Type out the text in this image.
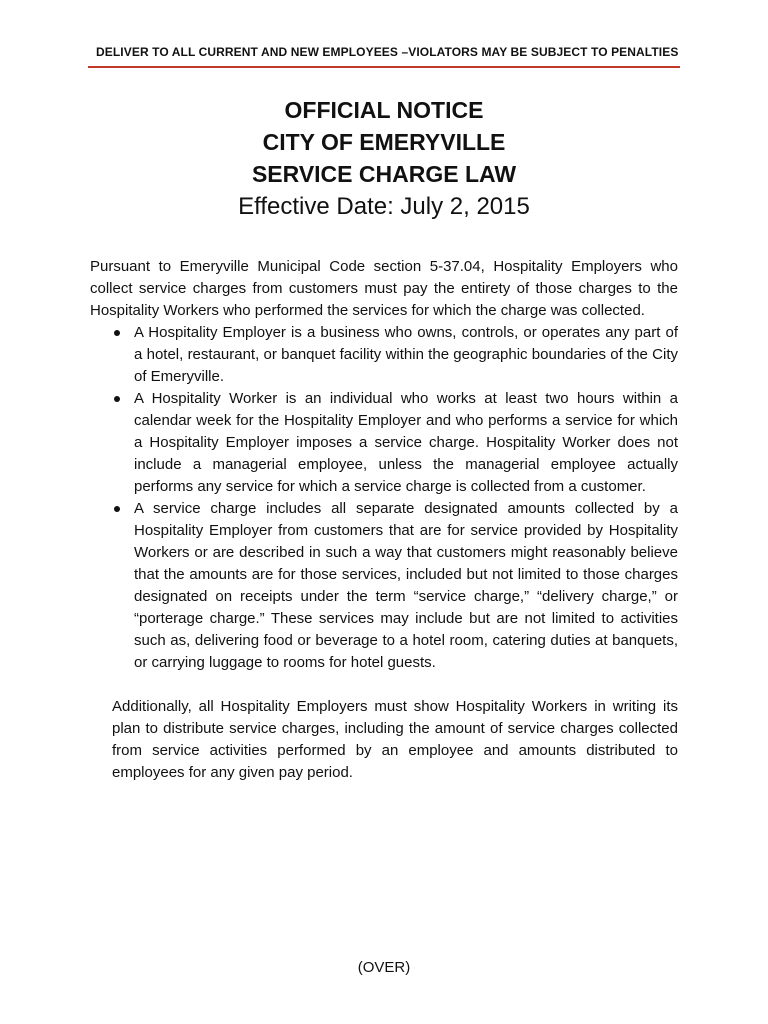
DELIVER TO ALL CURRENT AND NEW EMPLOYEES –VIOLATORS MAY BE SUBJECT TO PENALTIES
OFFICIAL NOTICE
CITY OF EMERYVILLE
SERVICE CHARGE LAW
Effective Date: July 2, 2015

Pursuant to Emeryville Municipal Code section 5-37.04, Hospitality Employers who collect service charges from customers must pay the entirety of those charges to the Hospitality Workers who performed the services for which the charge was collected.

A Hospitality Employer is a business who owns, controls, or operates any part of a hotel, restaurant, or banquet facility within the geographic boundaries of the City of Emeryville.
A Hospitality Worker is an individual who works at least two hours within a calendar week for the Hospitality Employer and who performs a service for which a Hospitality Employer imposes a service charge. Hospitality Worker does not include a managerial employee, unless the managerial employee actually performs any service for which a service charge is collected from a customer.
A service charge includes all separate designated amounts collected by a Hospitality Employer from customers that are for service provided by Hospitality Workers or are described in such a way that customers might reasonably believe that the amounts are for those services, included but not limited to those charges designated on receipts under the term “service charge,” “delivery charge,” or “porterage charge.” These services may include but are not limited to activities such as, delivering food or beverage to a hotel room, catering duties at banquets, or carrying luggage to rooms for hotel guests.

Additionally, all Hospitality Employers must show Hospitality Workers in writing its plan to distribute service charges, including the amount of service charges collected from service activities performed by an employee and amounts distributed to employees for any given pay period.

(OVER)
